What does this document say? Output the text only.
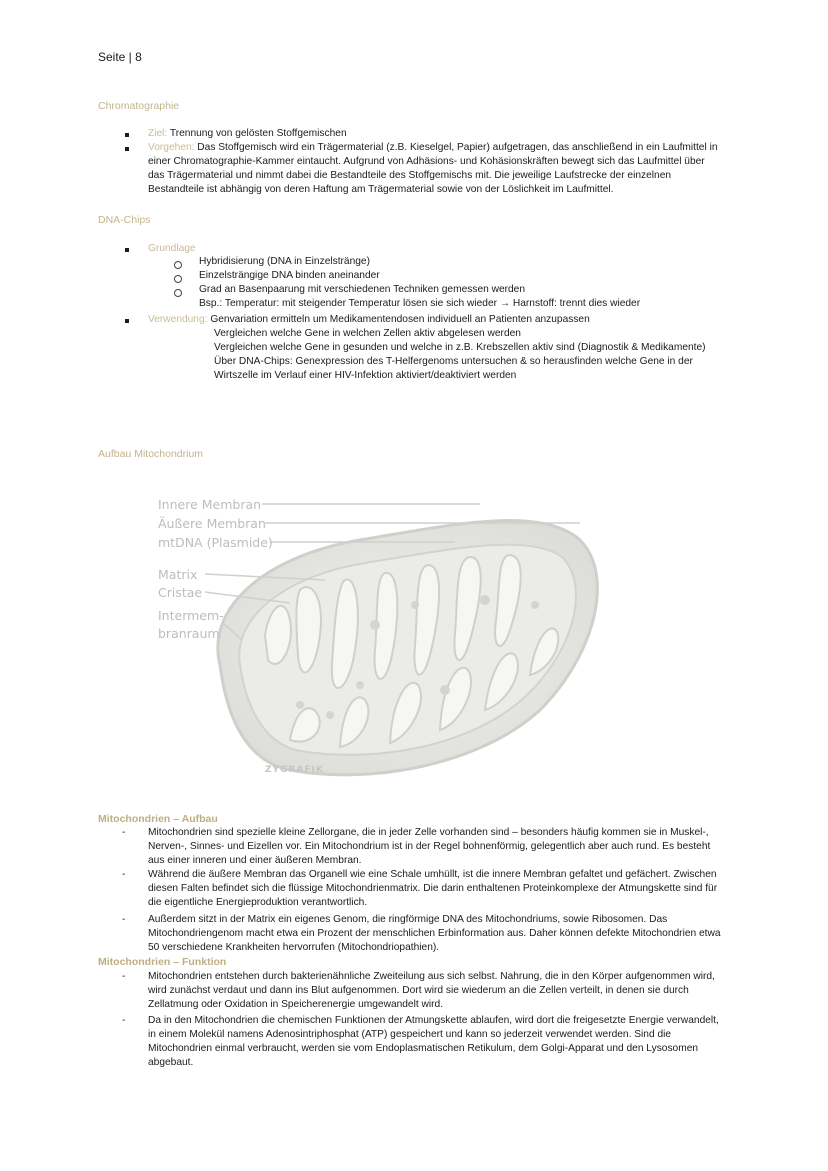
Seite | 8
Chromatographie
Ziel: Trennung von gelösten Stoffgemischen
Vorgehen: Das Stoffgemisch wird ein Trägermaterial (z.B. Kieselgel, Papier) aufgetragen, das anschließend in ein Laufmittel in
einer Chromatographie-Kammer eintaucht. Aufgrund von Adhäsions- und Kohäsionskräften bewegt sich das Laufmittel über
das Trägermaterial und nimmt dabei die Bestandteile des Stoffgemischs mit. Die jeweilige Laufstrecke der einzelnen
Bestandteile ist abhängig von deren Haftung am Trägermaterial sowie von der Löslichkeit im Laufmittel.
DNA-Chips
Grundlage
Hybridisierung (DNA in Einzelstränge)
Einzelsträngige DNA binden aneinander
Grad an Basenpaarung mit verschiedenen Techniken gemessen werden
Bsp.: Temperatur: mit steigender Temperatur lösen sie sich wieder → Harnstoff: trennt dies wieder
Verwendung: Genvariation ermitteln um Medikamentendosen individuell an Patienten anzupassen
Vergleichen welche Gene in welchen Zellen aktiv abgelesen werden
Vergleichen welche Gene in gesunden und welche in z.B. Krebszellen aktiv sind (Diagnostik & Medikamente)
Über DNA-Chips: Genexpression des T-Helfergenoms untersuchen & so herausfinden welche Gene in der
Wirtszelle im Verlauf einer HIV-Infektion aktiviert/deaktiviert werden
Aufbau Mitochondrium
Innere Membran
Äußere Membran
mtDNA (Plasmide)
Matrix
Cristae
Intermem-
branraum
ZYGRAFIK
Mitochondrien – Aufbau
- Mitochondrien sind spezielle kleine Zellorgane, die in jeder Zelle vorhanden sind – besonders häufig kommen sie in Muskel-,
Nerven-, Sinnes- und Eizellen vor. Ein Mitochondrium ist in der Regel bohnenförmig, gelegentlich aber auch rund. Es besteht
aus einer inneren und einer äußeren Membran.
- Während die äußere Membran das Organell wie eine Schale umhüllt, ist die innere Membran gefaltet und gefächert. Zwischen
diesen Falten befindet sich die flüssige Mitochondrienmatrix. Die darin enthaltenen Proteinkomplexe der Atmungskette sind für
die eigentliche Energieproduktion verantwortlich.
- Außerdem sitzt in der Matrix ein eigenes Genom, die ringförmige DNA des Mitochondriums, sowie Ribosomen. Das
Mitochondriengenom macht etwa ein Prozent der menschlichen Erbinformation aus. Daher können defekte Mitochondrien etwa
50 verschiedene Krankheiten hervorrufen (Mitochondriopathien).
Mitochondrien – Funktion
- Mitochondrien entstehen durch bakterienähnliche Zweiteilung aus sich selbst. Nahrung, die in den Körper aufgenommen wird,
wird zunächst verdaut und dann ins Blut aufgenommen. Dort wird sie wiederum an die Zellen verteilt, in denen sie durch
Zellatmung oder Oxidation in Speicherenergie umgewandelt wird.
- Da in den Mitochondrien die chemischen Funktionen der Atmungskette ablaufen, wird dort die freigesetzte Energie verwandelt,
in einem Molekül namens Adenosintriphosphat (ATP) gespeichert und kann so jederzeit verwendet werden. Sind die
Mitochondrien einmal verbraucht, werden sie vom Endoplasmatischen Retikulum, dem Golgi-Apparat und den Lysosomen
abgebaut.
